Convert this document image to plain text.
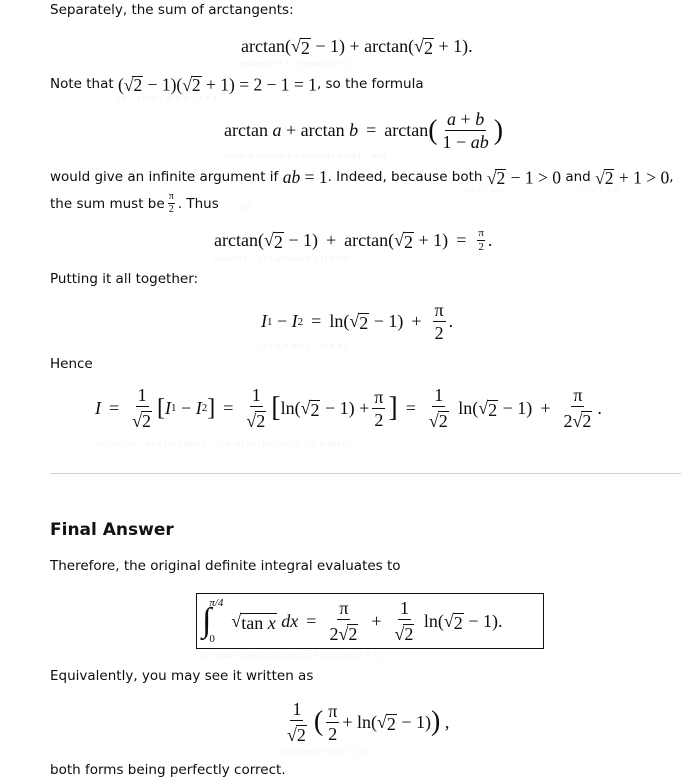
Separately, the sum of arctangents:
arctan ( √ 2 − 1) + arctan ( √ 2 + 1).
arctan(√2 − 1) + arctan(√2 + 1).
Note that ( √ 2 − 1)( √ 2 + 1) = 2 − 1 = 1 , so the formula
(√2 − 1)(√2 + 1) = 2 − 1 = 1
arctan
a + arctan
b = arctan ( $\frac{a + b}{1 - ab}$ )
arctan a + arctan b = arctan((a + b)/(1 − ab))
would give an infinite argument if ab = 1 . Indeed, because both
√ 2 − 1 > 0 and
√ 2 + 1 > 0 ,
√2 − 1 > 0	√2 + 1 > 0
the sum must be $\frac{\pi}{2}$ . Thus	π/2
arctan ( √ 2 − 1) + arctan ( √ $2 + 1) = \frac{\pi}{2}$ .
arctan(√2 − 1) + arctan(√2 + 1) = π/2.
Putting it all together:
I 1 − I 2 = ln ( √ $2 - 1) + \frac{\pi}{2}$ .
I₁ − I₂ = ln(√2 − 1) + π/2.
Hence
$I = \frac{1}{√ 2}$ [ I 1 − I 2 ] = $\frac{1}{√ 2}$ [ ln ( √ $2 - 1) + \frac{\pi}{2}$ ] = $\frac{1}{√ 2}$
ln ( √ $2 - 1) + \frac{\pi}{2 √ 2}$ .
I = (1/√2)[I₁ − I₂] = (1/√2)[ln(√2 − 1) + π/2] = (1/√2) ln(√2 − 1) + π/(2√2).
Final Answer
Therefore, the original definite integral evaluates to
∫
π/4
0
√ tan x
dx = $\frac{\pi}{2 √ 2} + \frac{1}{√ 2}$
ln ( √ 2 − 1).
∫₀^{π/4} √(tan x) dx = π/(2√2) + (1/√2) ln(√2 − 1).
Equivalently, you may see it written as
$\frac{1}{√ 2}$ ( $\frac{\pi}{2} + \ln$ ( √ 2 − 1) ) ,
(1/√2)(π/2 + ln(√2 − 1)),
both forms being perfectly correct.
